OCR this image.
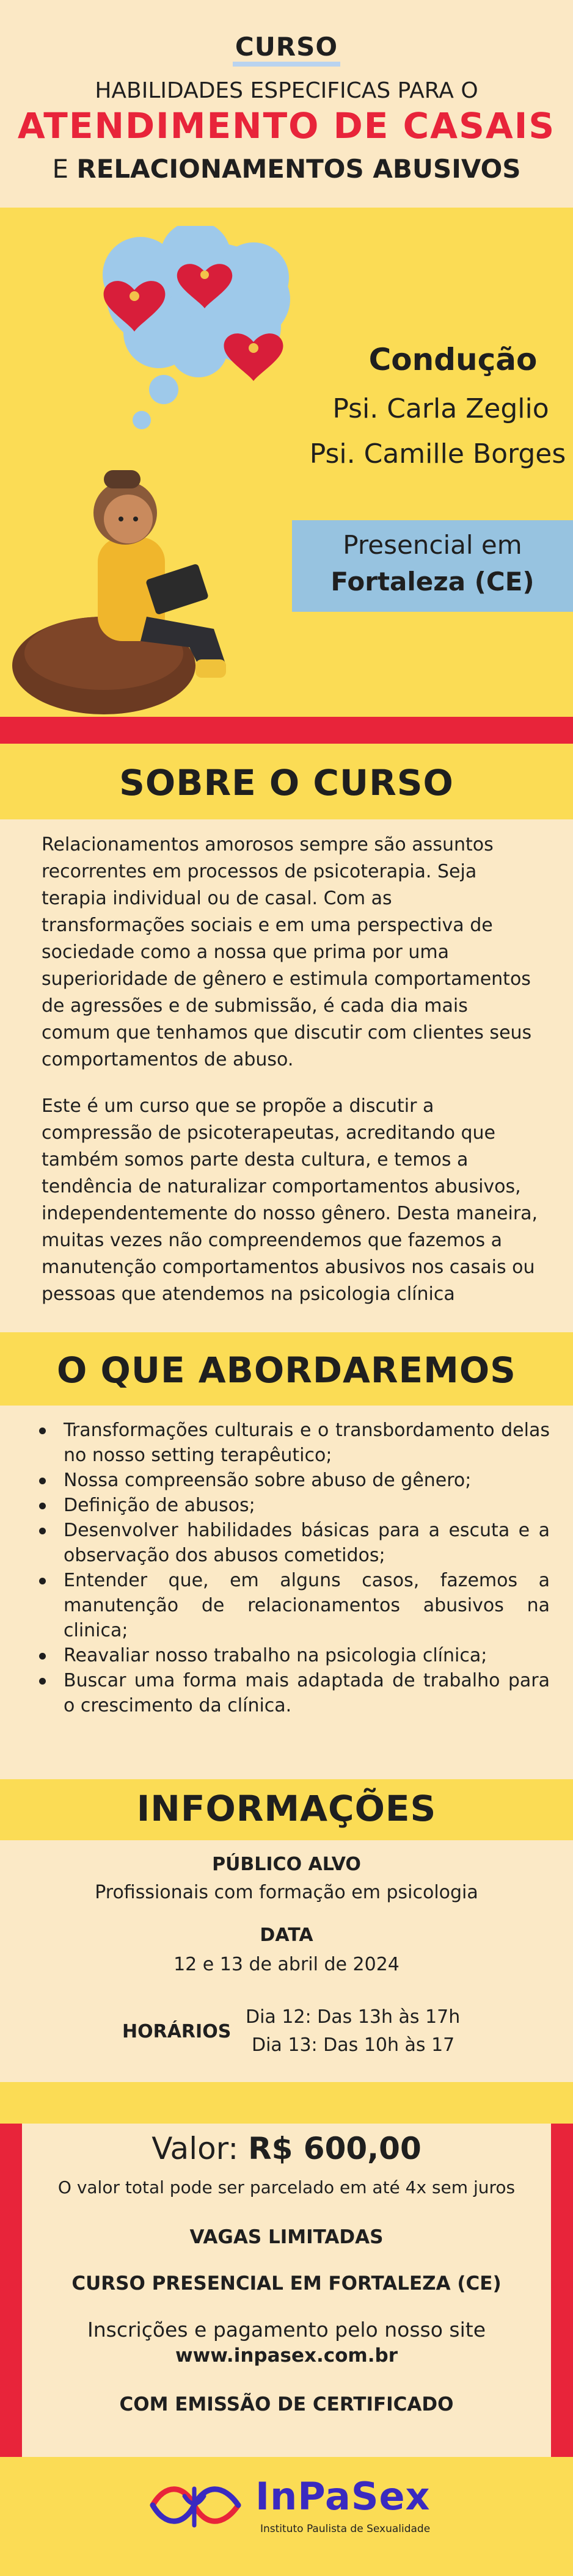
CURSO
HABILIDADES ESPECIFICAS PARA O
ATENDIMENTO DE CASAIS
E RELACIONAMENTOS ABUSIVOS
Condução
Psi. Carla Zeglio
Psi. Camille Borges
Presencial em
Fortaleza (CE)
SOBRE O CURSO
Relacionamentos amorosos sempre são assuntos recorrentes em processos de psicoterapia. Seja terapia individual ou de casal. Com as transformações sociais e em uma perspectiva de sociedade como a nossa que prima por uma superioridade de gênero e estimula comportamentos de agressões e de submissão, é cada dia mais comum que tenhamos que discutir com clientes seus comportamentos de abuso.
Este é um curso que se propõe a discutir a compressão de psicoterapeutas, acreditando que também somos parte desta cultura, e temos a tendência de naturalizar comportamentos abusivos, independentemente do nosso gênero. Desta maneira, muitas vezes não compreendemos que fazemos a manutenção comportamentos abusivos nos casais ou pessoas que atendemos na psicologia clínica
O QUE ABORDAREMOS
Transformações culturais e o transbordamento delas no nosso setting terapêutico;
Nossa compreensão sobre abuso de gênero;
Definição de abusos;
Desenvolver habilidades básicas para a escuta e a observação dos abusos cometidos;
Entender que, em alguns casos, fazemos a manutenção de relacionamentos abusivos na clinica;
Reavaliar nosso trabalho na psicologia clínica;
Buscar uma forma mais adaptada de trabalho para o crescimento da clínica.
INFORMAÇÕES
PÚBLICO ALVO
Profissionais com formação em psicologia
DATA
12 e 13 de abril de 2024
HORÁRIOS
Dia 12: Das 13h às 17h
Dia 13: Das 10h às 17
Valor: R$ 600,00
O valor total pode ser parcelado em até 4x sem juros
VAGAS LIMITADAS
CURSO PRESENCIAL EM FORTALEZA (CE)
Inscrições e pagamento pelo nosso site
www.inpasex.com.br
COM EMISSÃO DE CERTIFICADO
InPaSex
Instituto Paulista de Sexualidade
